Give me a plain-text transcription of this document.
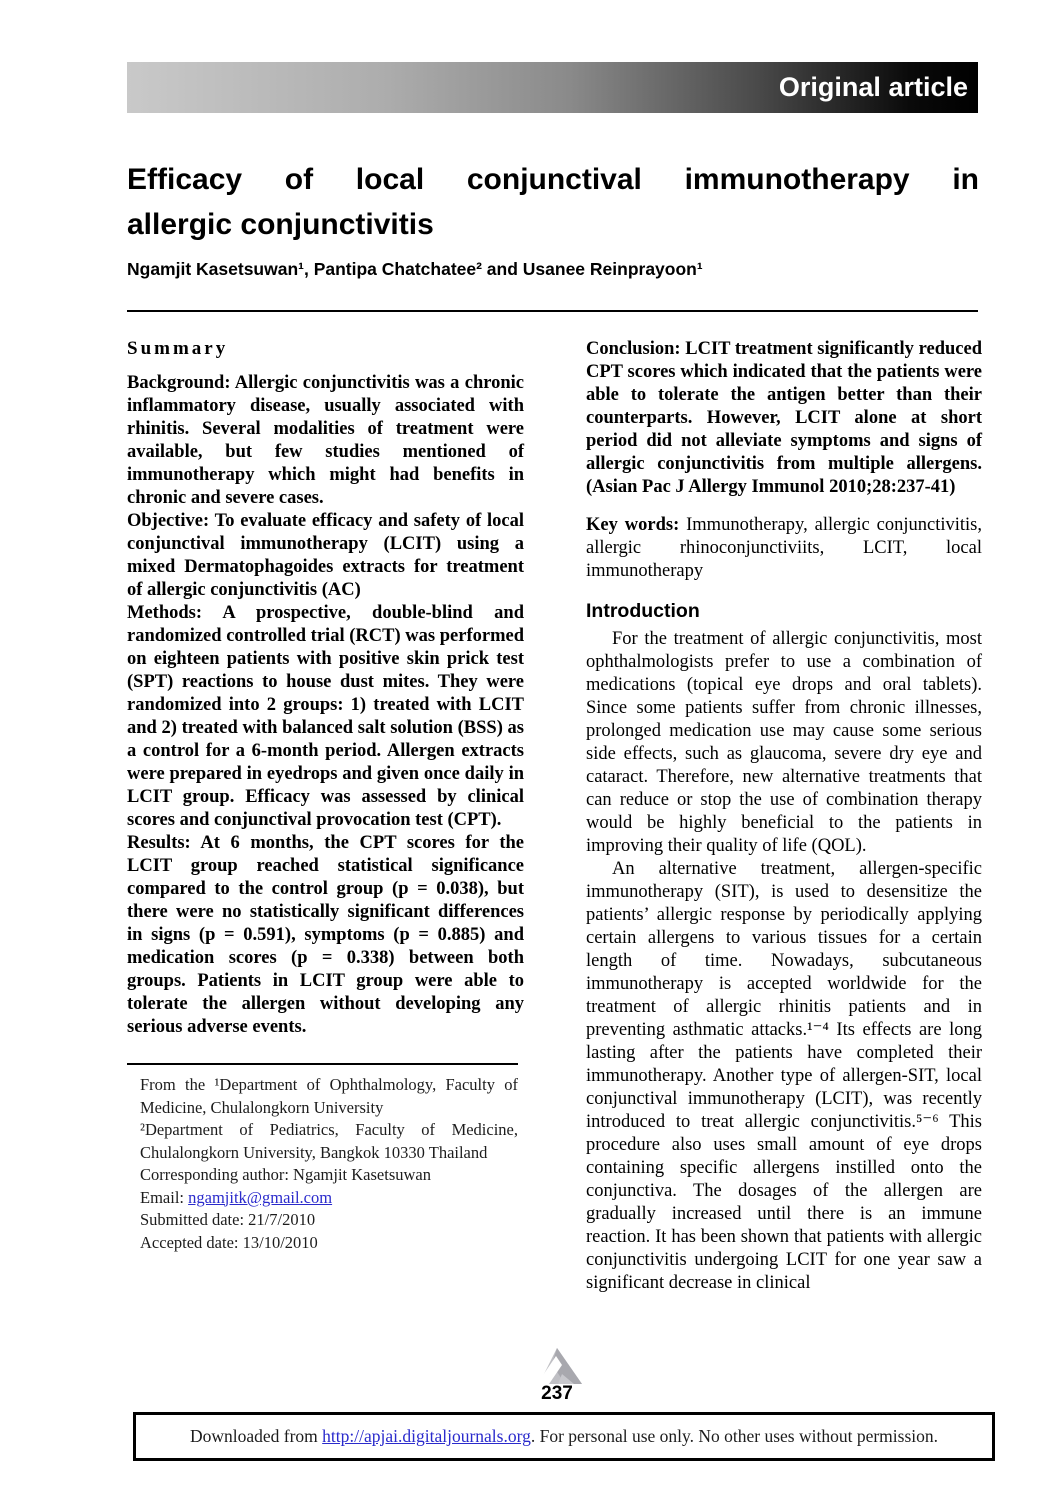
Original article
Efficacy of local conjunctival immunotherapy in
allergic conjunctivitis
Ngamjit Kasetsuwan¹, Pantipa Chatchatee² and Usanee Reinprayoon¹
Summary

Background: Allergic conjunctivitis was a chronic inflammatory disease, usually associated with rhinitis. Several modalities of treatment were available, but few studies mentioned of immunotherapy which might had benefits in chronic and severe cases.

Objective: To evaluate efficacy and safety of local conjunctival immunotherapy (LCIT) using a mixed Dermatophagoides extracts for treatment of allergic conjunctivitis (AC)

Methods: A prospective, double-blind and randomized controlled trial (RCT) was performed on eighteen patients with positive skin prick test (SPT) reactions to house dust mites. They were randomized into 2 groups: 1) treated with LCIT and 2) treated with balanced salt solution (BSS) as a control for a 6-month period. Allergen extracts were prepared in eyedrops and given once daily in LCIT group. Efficacy was assessed by clinical scores and conjunctival provocation test (CPT).

Results: At 6 months, the CPT scores for the LCIT group reached statistical significance compared to the control group (p = 0.038), but there were no statistically significant differences in signs (p = 0.591), symptoms (p = 0.885) and medication scores (p = 0.338) between both groups. Patients in LCIT group were able to tolerate the allergen without developing any serious adverse events.

From the ¹Department of Ophthalmology, Faculty of Medicine, Chulalongkorn University
²Department of Pediatrics, Faculty of Medicine, Chulalongkorn University, Bangkok 10330 Thailand
Corresponding author: Ngamjit Kasetsuwan
Email: ngamjitk@gmail.com
Submitted date: 21/7/2010
Accepted date: 13/10/2010

Conclusion: LCIT treatment significantly reduced CPT scores which indicated that the patients were able to tolerate the antigen better than their counterparts. However, LCIT alone at short period did not alleviate symptoms and signs of allergic conjunctivitis from multiple allergens. (Asian Pac J Allergy Immunol 2010;28:237-41)

Key words: Immunotherapy, allergic conjunctivitis, allergic rhinoconjunctiviits, LCIT, local immunotherapy

Introduction

For the treatment of allergic conjunctivitis, most ophthalmologists prefer to use a combination of medications (topical eye drops and oral tablets). Since some patients suffer from chronic illnesses, prolonged medication use may cause some serious side effects, such as glaucoma, severe dry eye and cataract. Therefore, new alternative treatments that can reduce or stop the use of combination therapy would be highly beneficial to the patients in improving their quality of life (QOL).

An alternative treatment, allergen-specific immunotherapy (SIT), is used to desensitize the patients’ allergic response by periodically applying certain allergens to various tissues for a certain length of time. Nowadays, subcutaneous immunotherapy is accepted worldwide for the treatment of allergic rhinitis patients and in preventing asthmatic attacks.¹⁻⁴ Its effects are long lasting after the patients have completed their immunotherapy. Another type of allergen-SIT, local conjunctival immunotherapy (LCIT), was recently introduced to treat allergic conjunctivitis.⁵⁻⁶ This procedure also uses small amount of eye drops containing specific allergens instilled onto the conjunctiva. The dosages of the allergen are gradually increased until there is an immune reaction. It has been shown that patients with allergic conjunctivitis undergoing LCIT for one year saw a significant decrease in clinical

237
Downloaded from http://apjai.digitaljournals.org. For personal use only. No other uses without permission.
